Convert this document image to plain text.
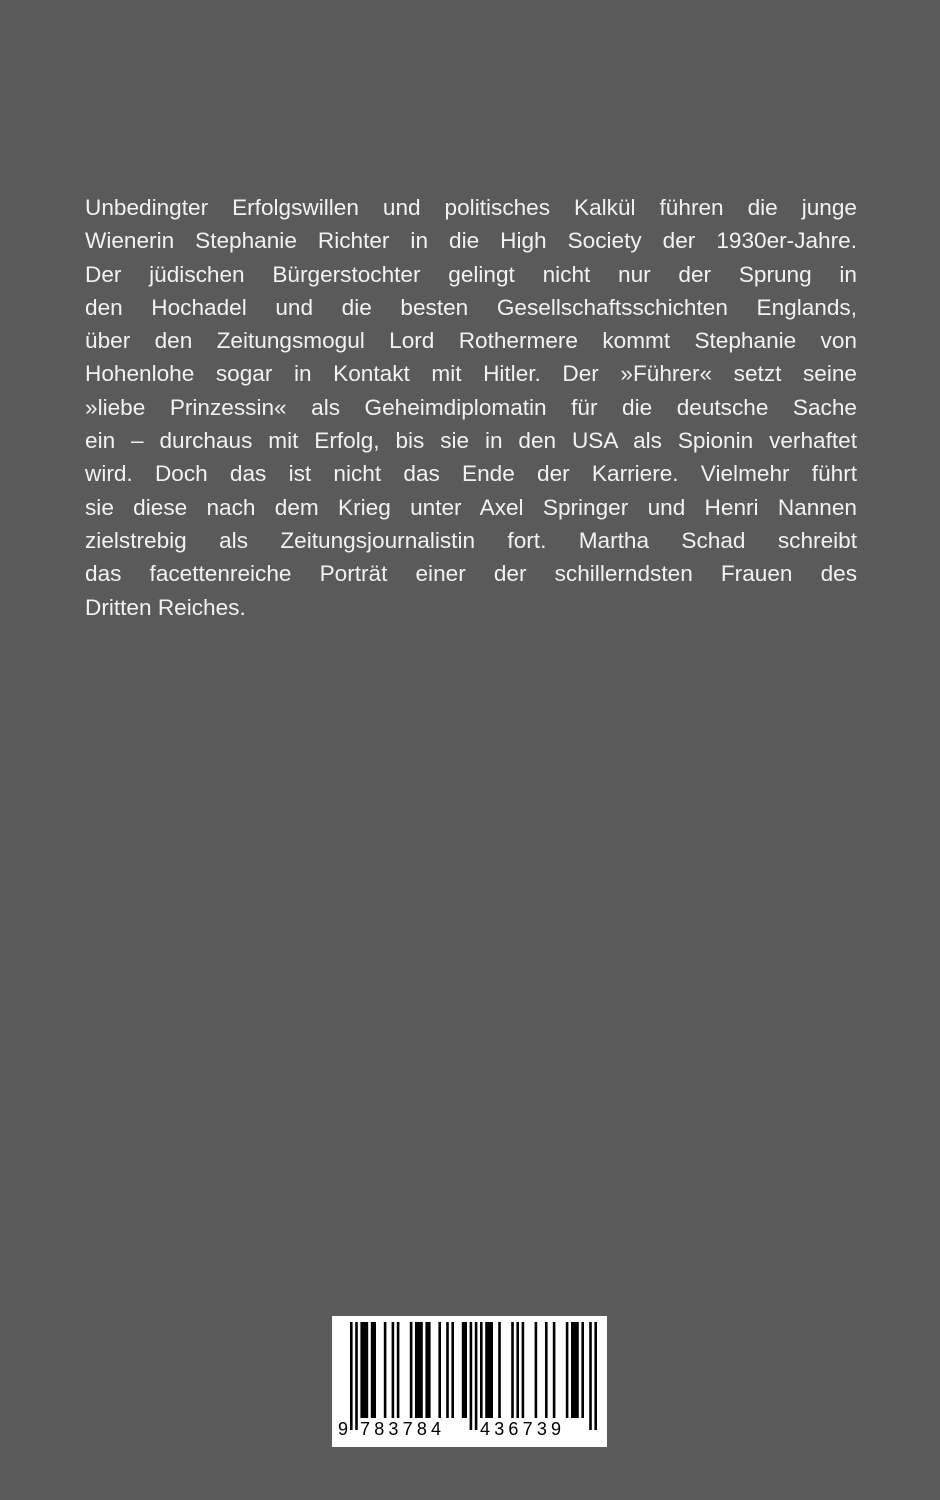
Unbedingter Erfolgswillen und politisches Kalkül führen die junge
Wienerin Stephanie Richter in die High Society der 1930er-Jahre.
Der jüdischen Bürgerstochter gelingt nicht nur der Sprung in
den Hochadel und die besten Gesellschaftsschichten Englands,
über den Zeitungsmogul Lord Rothermere kommt Stephanie von
Hohenlohe sogar in Kontakt mit Hitler. Der »Führer« setzt seine
»liebe Prinzessin« als Geheimdiplomatin für die deutsche Sache
ein – durchaus mit Erfolg, bis sie in den USA als Spionin verhaftet
wird. Doch das ist nicht das Ende der Karriere. Vielmehr führt
sie diese nach dem Krieg unter Axel Springer und Henri Nannen
zielstrebig als Zeitungsjournalistin fort. Martha Schad schreibt
das facettenreiche Porträt einer der schillerndsten Frauen des
Dritten Reiches.

9 783784 436739
